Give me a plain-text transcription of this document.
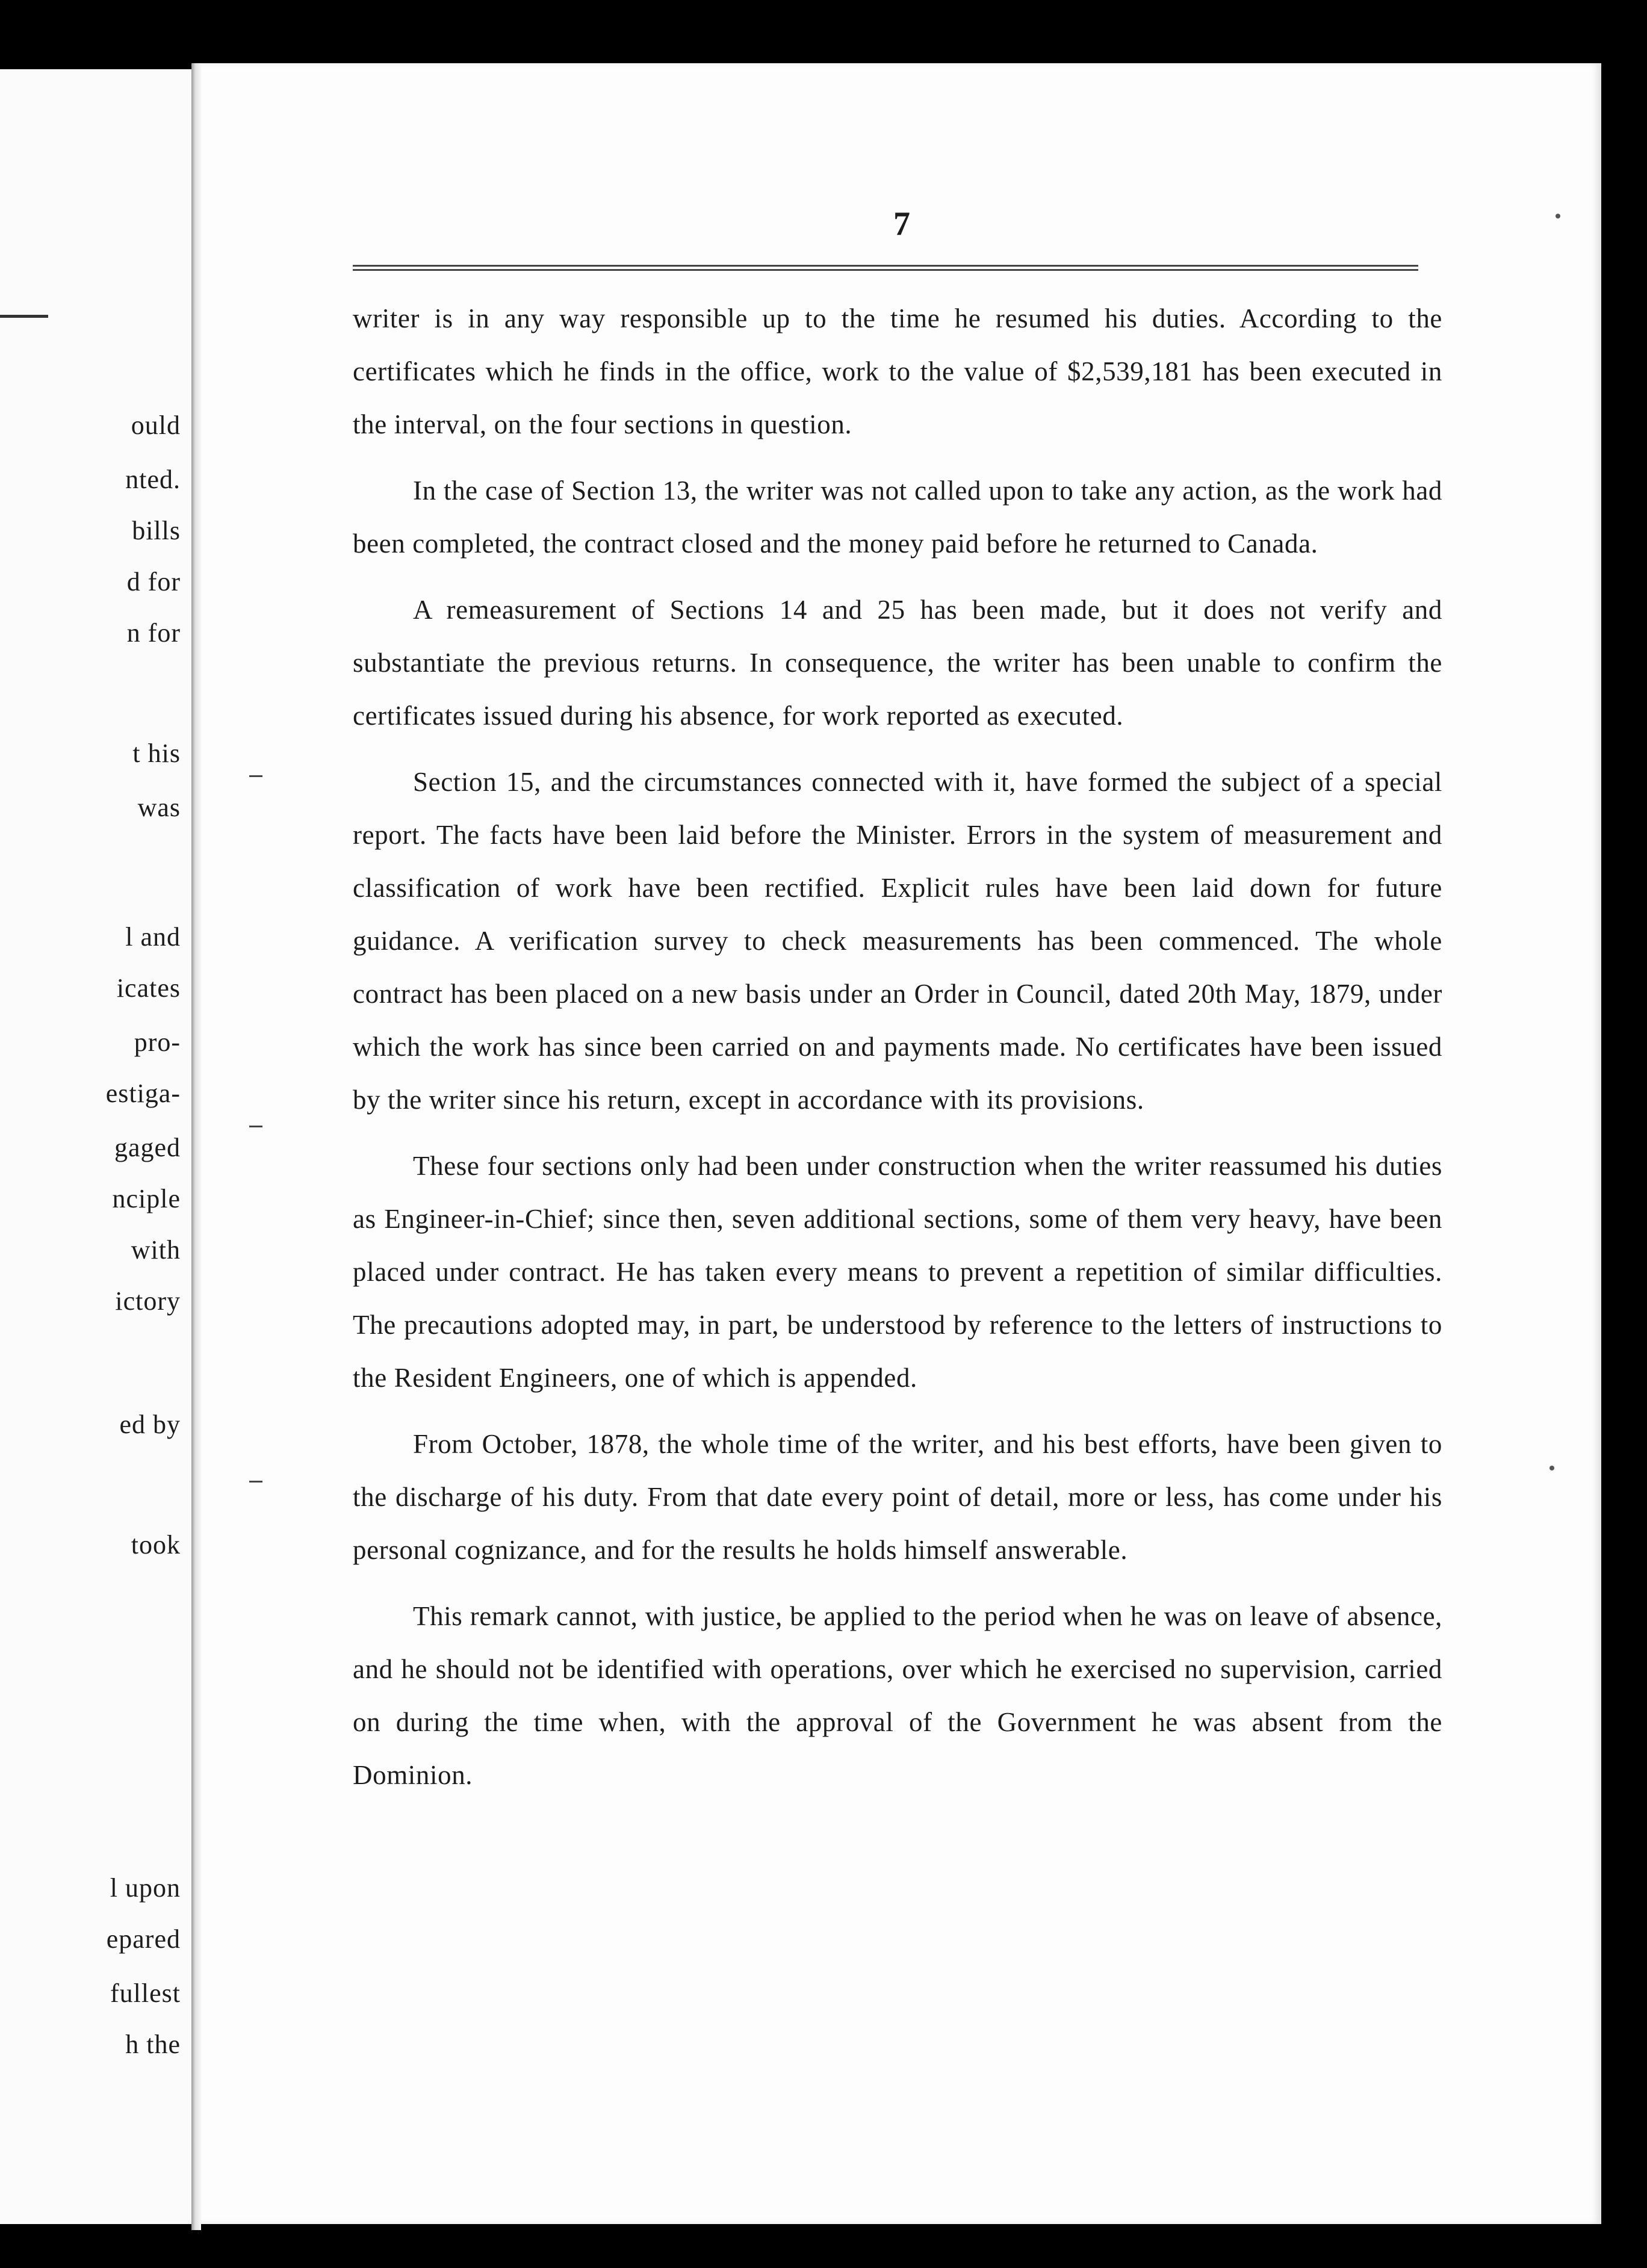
ould
nted.
bills
d for
n for
t his
was
l and
icates
pro-
estiga-
gaged
nciple
with
ictory
ed by
took
l upon
epared
fullest
h the
7

writer is in any way responsible up to the time he resumed his duties. According to the certificates which he finds in the office, work to the value of $2,539,181 has been executed in the interval, on the four sections in question.

In the case of Section 13, the writer was not called upon to take any action, as the work had been completed, the contract closed and the money paid before he returned to Canada.

A remeasurement of Sections 14 and 25 has been made, but it does not verify and substantiate the previous returns. In consequence, the writer has been unable to confirm the certificates issued during his absence, for work reported as executed.

Section 15, and the circumstances connected with it, have formed the subject of a special report. The facts have been laid before the Minister. Errors in the system of measurement and classification of work have been rectified. Explicit rules have been laid down for future guidance. A verification survey to check measurements has been commenced. The whole contract has been placed on a new basis under an Order in Council, dated 20th May, 1879, under which the work has since been carried on and payments made. No certificates have been issued by the writer since his return, except in accordance with its provisions.

These four sections only had been under construction when the writer reassumed his duties as Engineer-in-Chief; since then, seven additional sections, some of them very heavy, have been placed under contract. He has taken every means to prevent a repetition of similar difficulties. The precautions adopted may, in part, be understood by reference to the letters of instructions to the Resident Engineers, one of which is appended.

From October, 1878, the whole time of the writer, and his best efforts, have been given to the discharge of his duty. From that date every point of detail, more or less, has come under his personal cognizance, and for the results he holds himself answerable.

This remark cannot, with justice, be applied to the period when he was on leave of absence, and he should not be identified with operations, over which he exercised no supervision, carried on during the time when, with the approval of the Government he was absent from the Dominion.
